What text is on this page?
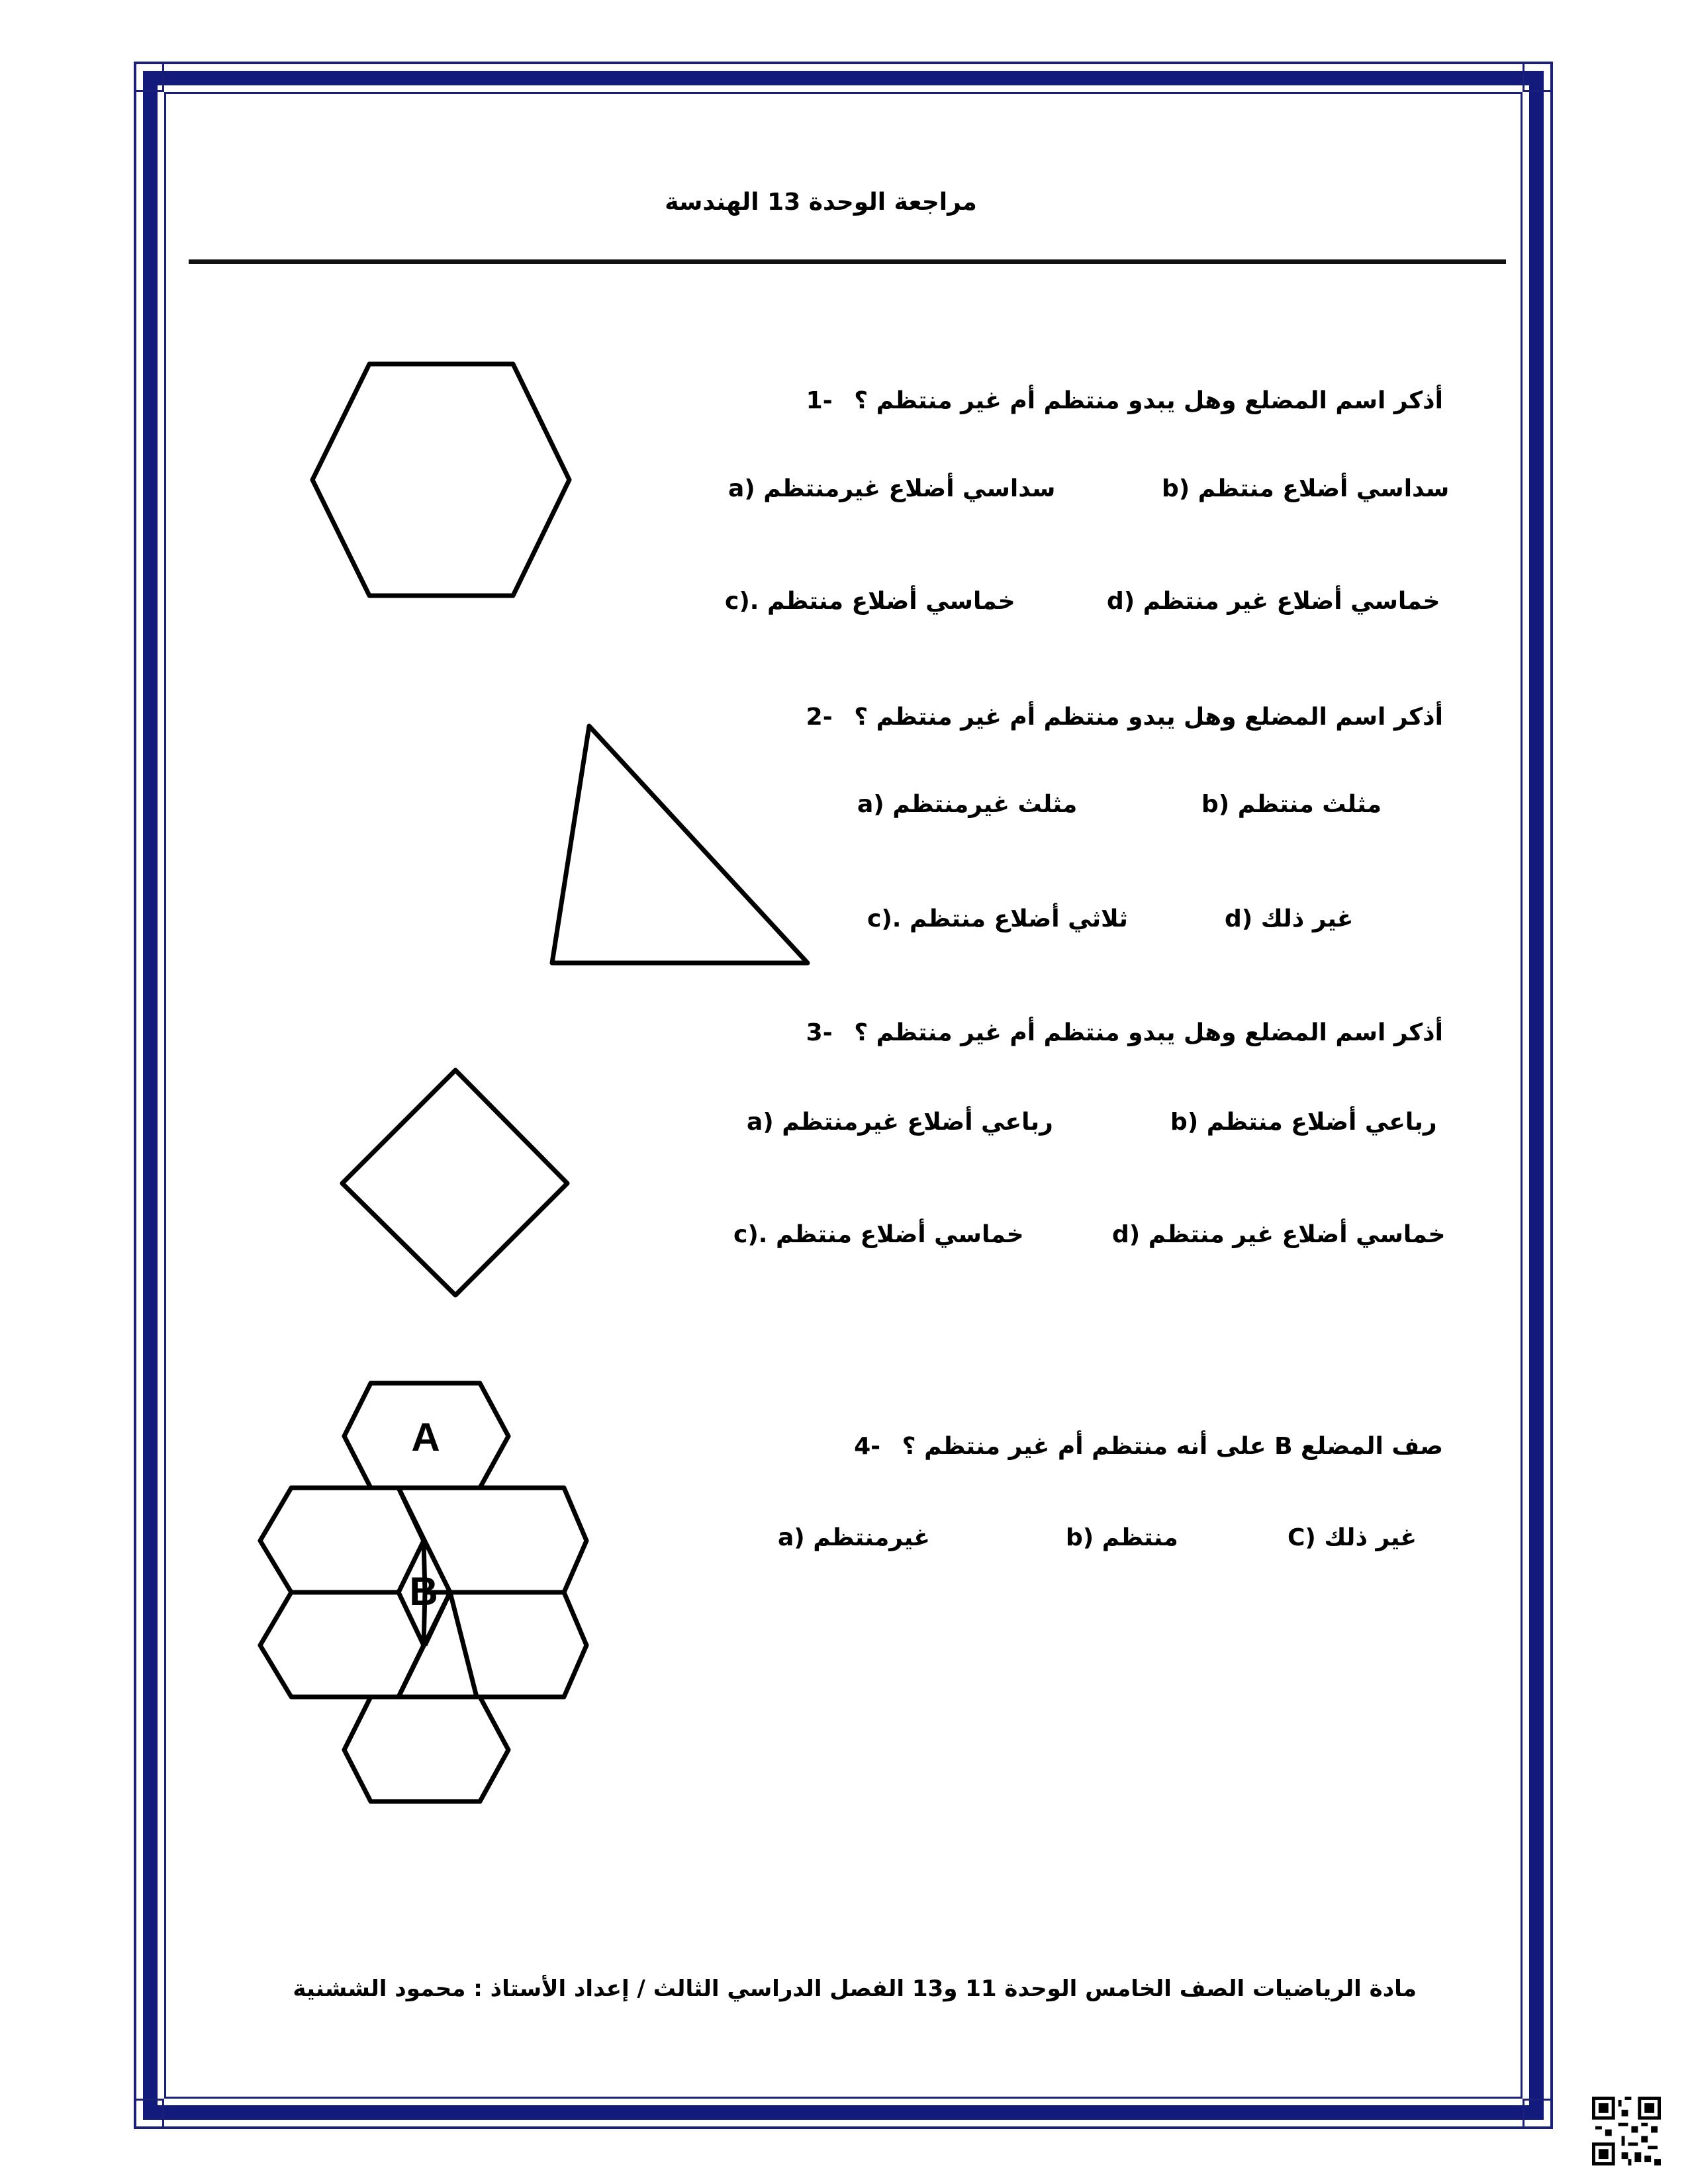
مراجعة الوحدة 13 الهندسة
أذكر اسم المضلع وهل يبدو منتظم أم غير منتظم ؟ -1
b) سداسي أضلاع منتظم
a) سداسي أضلاع غيرمنتظم
d) خماسي أضلاع غير منتظم
c). خماسي أضلاع منتظم
أذكر اسم المضلع وهل يبدو منتظم أم غير منتظم ؟ -2
b) مثلث منتظم
a) مثلث غيرمنتظم
d) غير ذلك
c). ثلاثي أضلاع منتظم
أذكر اسم المضلع وهل يبدو منتظم أم غير منتظم ؟ -3
b) رباعي أضلاع منتظم
a) رباعي أضلاع غيرمنتظم
d) خماسي أضلاع غير منتظم
c). خماسي أضلاع منتظم
صف المضلع B على أنه منتظم أم غير منتظم ؟ -4
C) غير ذلك
b) منتظم
a) غيرمنتظم
A
B
مادة الرياضيات الصف الخامس الوحدة 11 و13 الفصل الدراسي الثالث / إعداد الأستاذ : محمود الششنية
